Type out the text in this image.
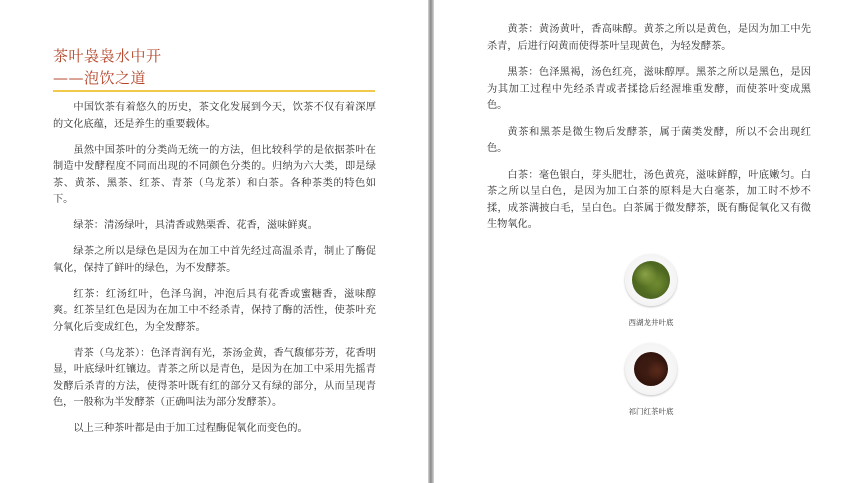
茶叶袅袅水中开
——泡饮之道

中国饮茶有着悠久的历史，茶文化发展到今天，饮茶不仅有着深厚的文化底蕴，还是养生的重要载体。

虽然中国茶叶的分类尚无统一的方法，但比较科学的是依据茶叶在制造中发酵程度不同而出现的不同颜色分类的。归纳为六大类，即是绿茶、黄茶、黑茶、红茶、青茶（乌龙茶）和白茶。各种茶类的特色如下。

绿茶：清汤绿叶，具清香或熟栗香、花香，滋味鲜爽。

绿茶之所以是绿色是因为在加工中首先经过高温杀青，制止了酶促氧化，保持了鲜叶的绿色，为不发酵茶。

红茶：红汤红叶，色泽乌润，冲泡后具有花香或蜜糖香，滋味醇爽。红茶呈红色是因为在加工中不经杀青，保持了酶的活性，使茶叶充分氧化后变成红色，为全发酵茶。

青茶（乌龙茶）：色泽青润有光，茶汤金黄，香气馥郁芬芳，花香明显，叶底绿叶红镶边。青茶之所以是青色，是因为在加工中采用先摇青发酵后杀青的方法，使得茶叶既有红的部分又有绿的部分，从而呈现青色，一般称为半发酵茶（正确叫法为部分发酵茶）。

以上三种茶叶都是由于加工过程酶促氧化而变色的。

黄茶：黄汤黄叶，香高味醇。黄茶之所以是黄色，是因为加工中先杀青，后进行闷黄而使得茶叶呈现黄色，为轻发酵茶。

黑茶：色泽黑褐，汤色红亮，滋味醇厚。黑茶之所以是黑色，是因为其加工过程中先经杀青或者揉捻后经渥堆重发酵，而使茶叶变成黑色。

黄茶和黑茶是微生物后发酵茶，属于菌类发酵，所以不会出现红色。

白茶：毫色银白，芽头肥壮，汤色黄亮，滋味鲜醇，叶底嫩匀。白茶之所以呈白色，是因为加工白茶的原料是大白毫茶，加工时不炒不揉，成茶满披白毛，呈白色。白茶属于微发酵茶，既有酶促氧化又有微生物氧化。

西湖龙井叶底
祁门红茶叶底
